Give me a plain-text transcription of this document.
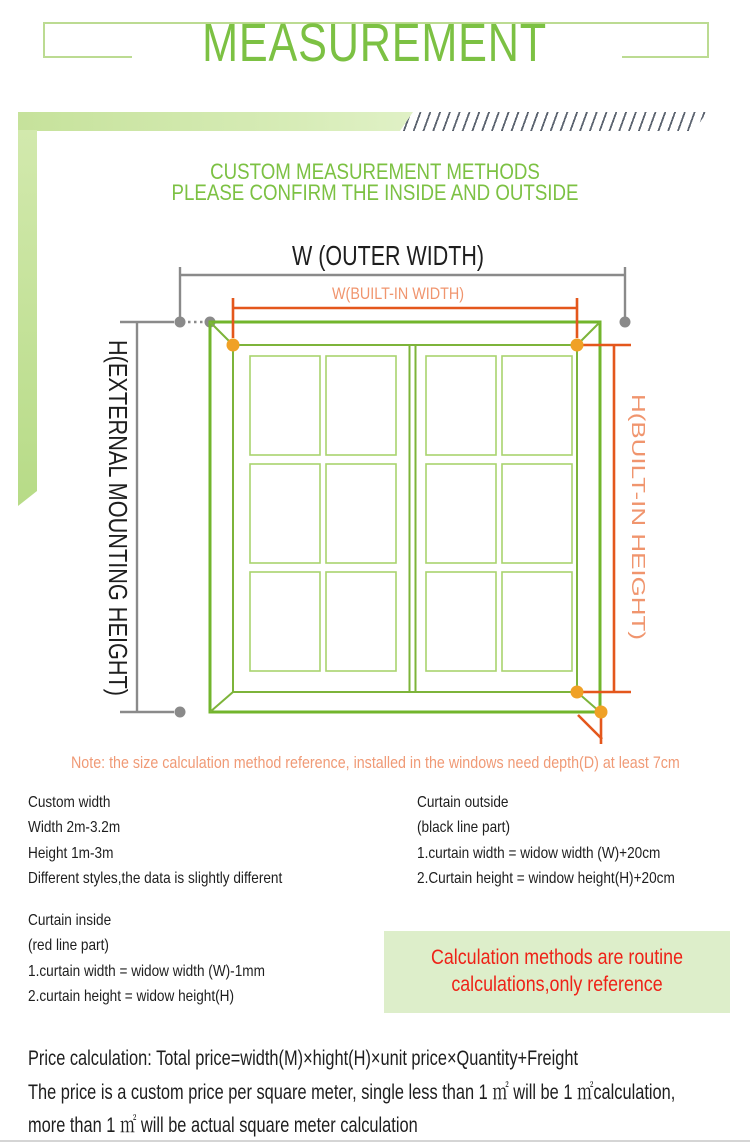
MEASUREMENT
CUSTOM MEASUREMENT METHODS
PLEASE CONFIRM THE INSIDE AND OUTSIDE
W (OUTER WIDTH)
H(EXTERNAL MOUNTING HEIGHT)
W(BUILT-IN WIDTH)
H(BUILT-IN HEIGHT)
Note: the size calculation method reference, installed in the windows need depth(D) at least 7cm
Custom width
Width 2m-3.2m
Height 1m-3m
Different styles,the data is slightly different
Curtain outside
(black line part)
1.curtain width = widow width (W)+20cm
2.Curtain height = window height(H)+20cm
Curtain inside
(red line part)
1.curtain width = widow width (W)-1mm
2.curtain height = widow height(H)
Calculation methods are routine
calculations,only reference
Price calculation: Total price=width(M)×hight(H)×unit price×Quantity+Freight
The price is a custom price per square meter, single less than 1 ㎡ will be 1 ㎡calculation,
more than 1 ㎡ will be actual square meter calculation
